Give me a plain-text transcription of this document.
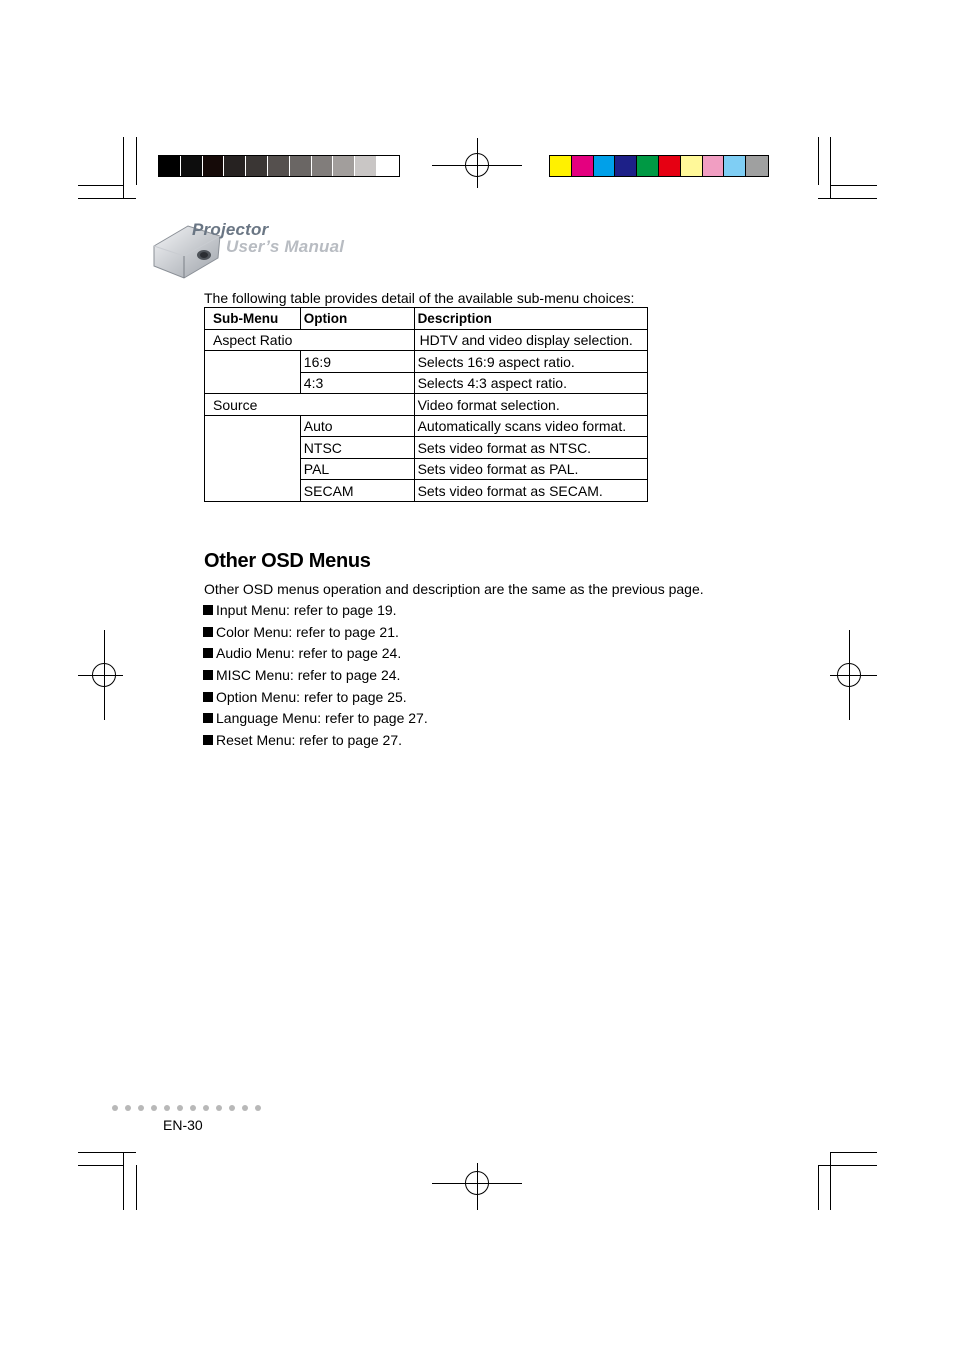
Projector
User’s Manual
The following table provides detail of the available sub-menu choices:
Sub-Menu	Option	Description
Aspect Ratio		HDTV and video display selection.
	16:9	Selects 16:9 aspect ratio.
	4:3	Selects 4:3 aspect ratio.
Source		Video format selection.
	Auto	Automatically scans video format.
	NTSC	Sets video format as NTSC.
	PAL	Sets video format as PAL.
	SECAM	Sets video format as SECAM.
Other OSD Menus
Other OSD menus operation and description are the same as the previous page.
Input Menu: refer to page 19.
Color Menu: refer to page 21.
Audio Menu: refer to page 24.
MISC Menu: refer to page 24.
Option Menu: refer to page 25.
Language Menu: refer to page 27.
Reset Menu: refer to page 27.
EN-30
